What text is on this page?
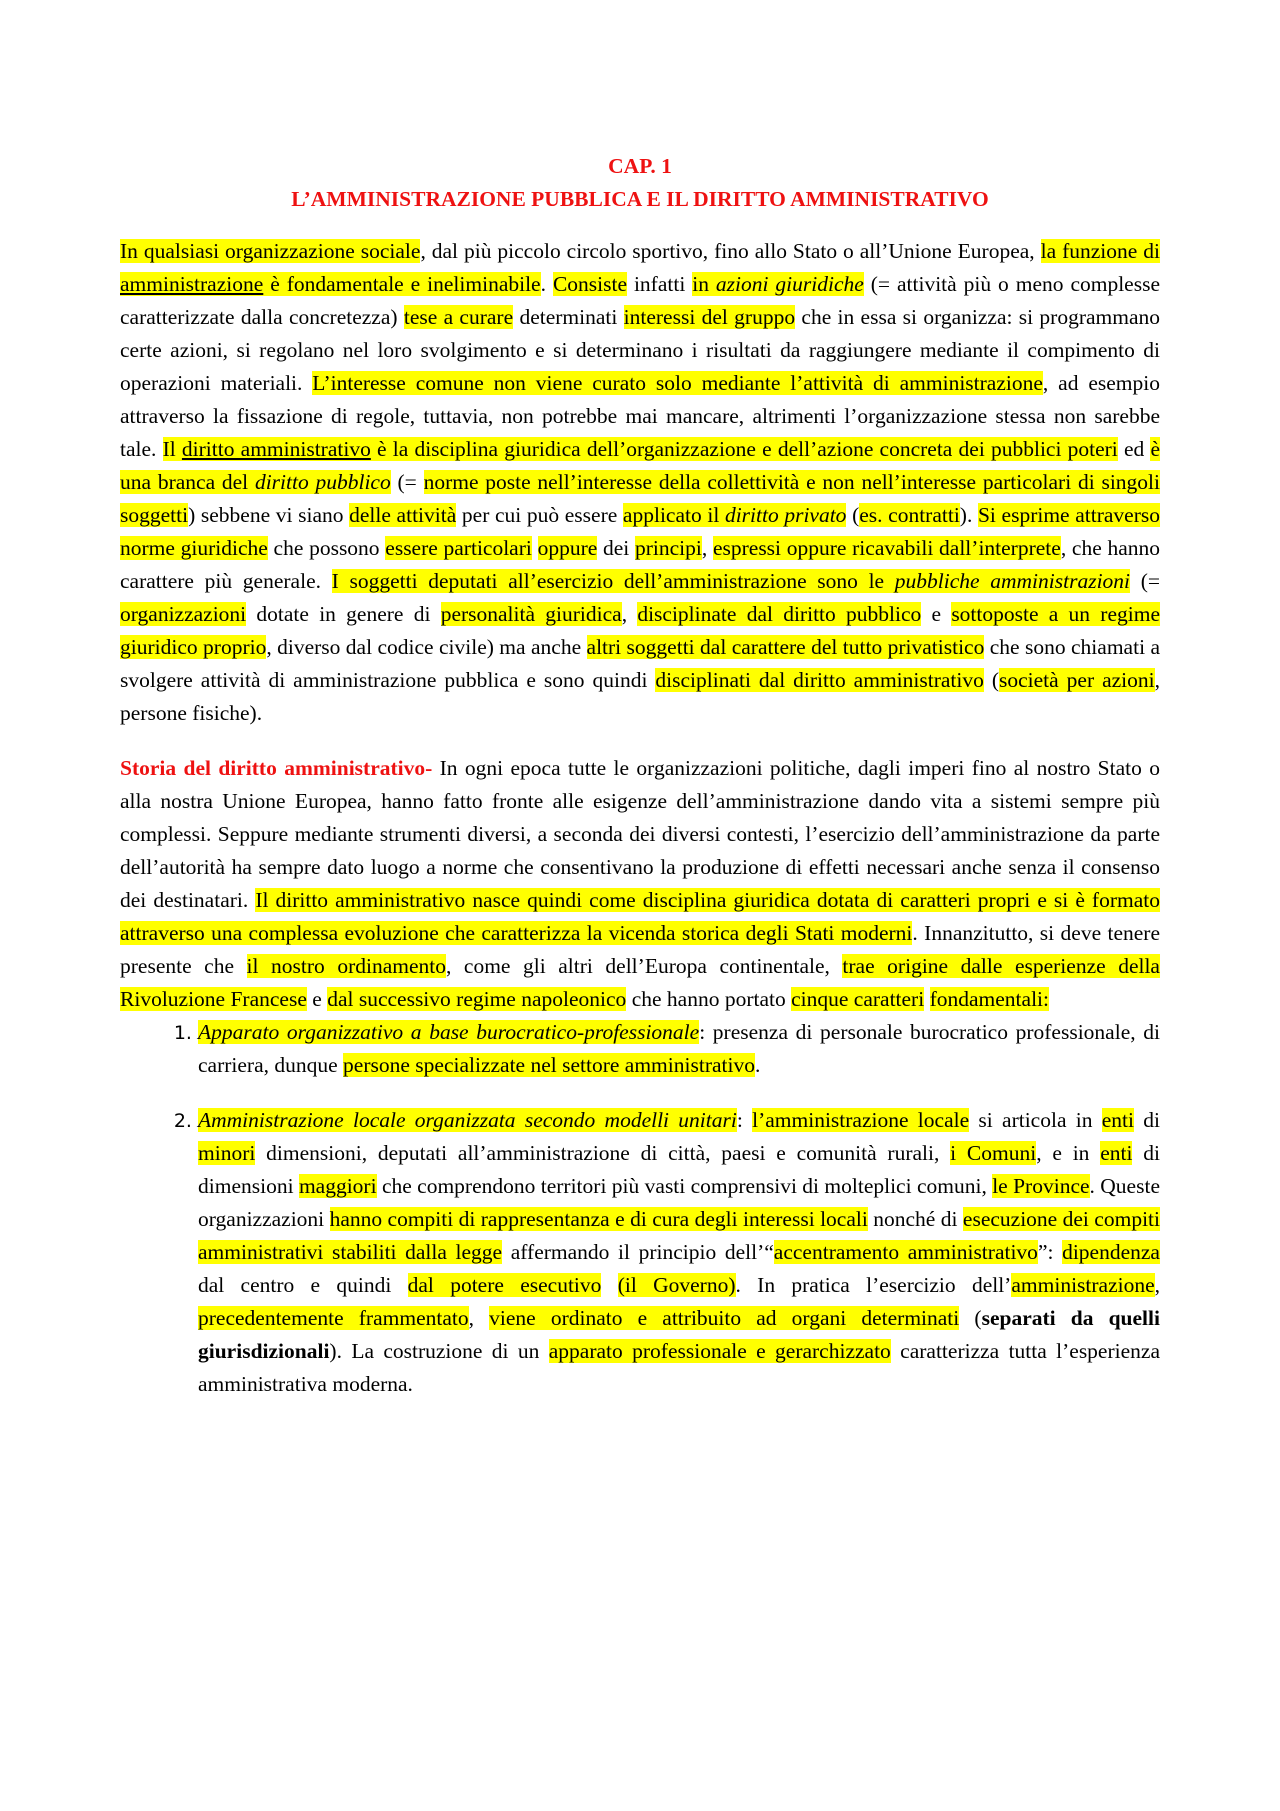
CAP. 1
L’AMMINISTRAZIONE PUBBLICA E IL DIRITTO AMMINISTRATIVO

In qualsiasi organizzazione sociale, dal più piccolo circolo sportivo, fino allo Stato o all’Unione Europea, la funzione di amministrazione è fondamentale e ineliminabile. Consiste infatti in azioni giuridiche (= attività più o meno complesse caratterizzate dalla concretezza) tese a curare determinati interessi del gruppo che in essa si organizza: si programmano certe azioni, si regolano nel loro svolgimento e si determinano i risultati da raggiungere mediante il compimento di operazioni materiali. L’interesse comune non viene curato solo mediante l’attività di amministrazione, ad esempio attraverso la fissazione di regole, tuttavia, non potrebbe mai mancare, altrimenti l’organizzazione stessa non sarebbe tale. Il diritto amministrativo è la disciplina giuridica dell’organizzazione e dell’azione concreta dei pubblici poteri ed è una branca del diritto pubblico (= norme poste nell’interesse della collettività e non nell’interesse particolari di singoli soggetti) sebbene vi siano delle attività per cui può essere applicato il diritto privato (es. contratti). Si esprime attraverso norme giuridiche che possono essere particolari oppure dei principi, espressi oppure ricavabili dall’interprete, che hanno carattere più generale. I soggetti deputati all’esercizio dell’amministrazione sono le pubbliche amministrazioni (= organizzazioni dotate in genere di personalità giuridica, disciplinate dal diritto pubblico e sottoposte a un regime giuridico proprio, diverso dal codice civile) ma anche altri soggetti dal carattere del tutto privatistico che sono chiamati a svolgere attività di amministrazione pubblica e sono quindi disciplinati dal diritto amministrativo (società per azioni, persone fisiche).

Storia del diritto amministrativo- In ogni epoca tutte le organizzazioni politiche, dagli imperi fino al nostro Stato o alla nostra Unione Europea, hanno fatto fronte alle esigenze dell’amministrazione dando vita a sistemi sempre più complessi. Seppure mediante strumenti diversi, a seconda dei diversi contesti, l’esercizio dell’amministrazione da parte dell’autorità ha sempre dato luogo a norme che consentivano la produzione di effetti necessari anche senza il consenso dei destinatari. Il diritto amministrativo nasce quindi come disciplina giuridica dotata di caratteri propri e si è formato attraverso una complessa evoluzione che caratterizza la vicenda storica degli Stati moderni. Innanzitutto, si deve tenere presente che il nostro ordinamento, come gli altri dell’Europa continentale, trae origine dalle esperienze della Rivoluzione Francese e dal successivo regime napoleonico che hanno portato cinque caratteri fondamentali:

1. Apparato organizzativo a base burocratico-professionale: presenza di personale burocratico professionale, di carriera, dunque persone specializzate nel settore amministrativo.
2. Amministrazione locale organizzata secondo modelli unitari: l’amministrazione locale si articola in enti di minori dimensioni, deputati all’amministrazione di città, paesi e comunità rurali, i Comuni, e in enti di dimensioni maggiori che comprendono territori più vasti comprensivi di molteplici comuni, le Province. Queste organizzazioni hanno compiti di rappresentanza e di cura degli interessi locali nonché di esecuzione dei compiti amministrativi stabiliti dalla legge affermando il principio dell’“accentramento amministrativo”: dipendenza dal centro e quindi dal potere esecutivo (il Governo). In pratica l’esercizio dell’amministrazione, precedentemente frammentato, viene ordinato e attribuito ad organi determinati (separati da quelli giurisdizionali). La costruzione di un apparato professionale e gerarchizzato caratterizza tutta l’esperienza amministrativa moderna.
